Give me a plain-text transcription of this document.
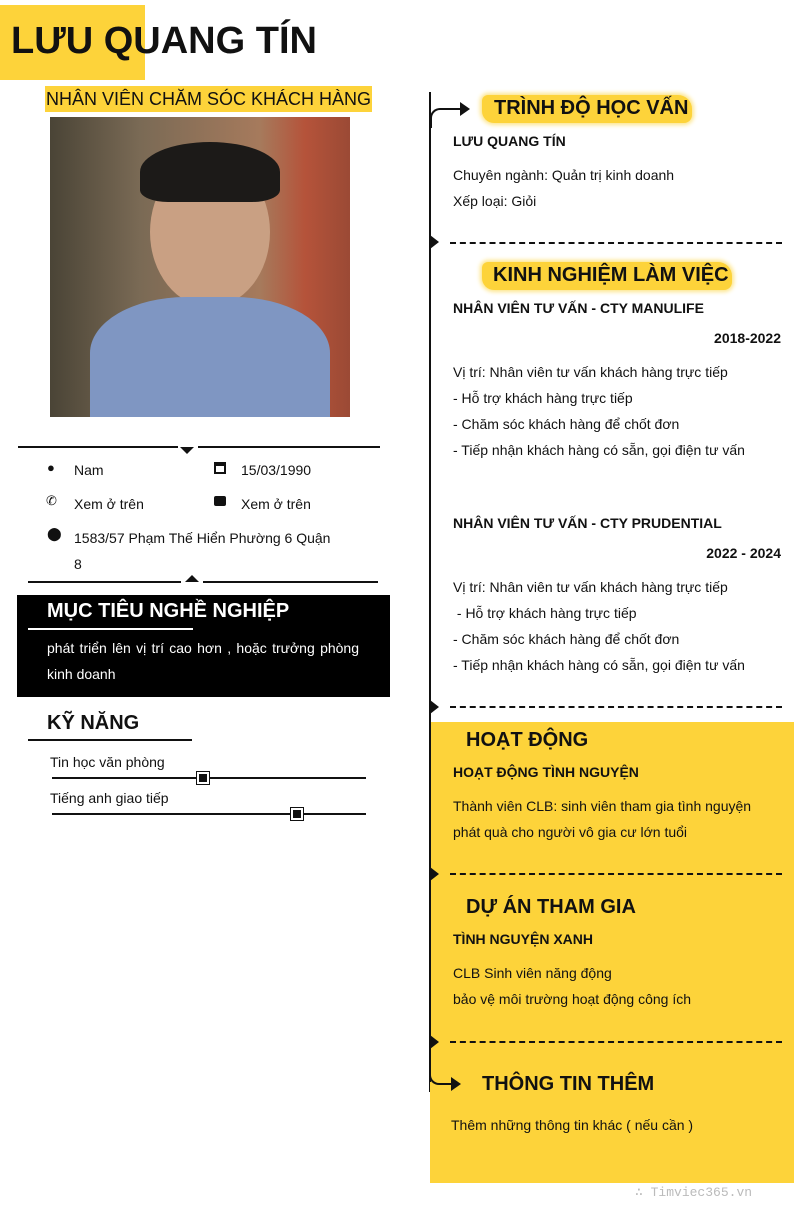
LƯU QUANG TÍN
NHÂN VIÊN CHĂM SÓC KHÁCH HÀNG
● Nam	15/03/1990
✆ Xem ở trên	Xem ở trên
⬤ 1583/57 Phạm Thế Hiển Phường 6 Quận 8
MỤC TIÊU NGHỀ NGHIỆP
phát triển lên vị trí cao hơn , hoặc trưởng phòng kinh doanh
KỸ NĂNG
Tin học văn phòng
Tiếng anh giao tiếp
TRÌNH ĐỘ HỌC VẤN
LƯU QUANG TÍN
Chuyên ngành: Quản trị kinh doanh
Xếp loại: Giỏi
KINH NGHIỆM LÀM VIỆC
NHÂN VIÊN TƯ VẤN - CTY MANULIFE
2018-2022
Vị trí: Nhân viên tư vấn khách hàng trực tiếp
- Hỗ trợ khách hàng trực tiếp
- Chăm sóc khách hàng để chốt đơn
- Tiếp nhận khách hàng có sẵn, gọi điện tư vấn
NHÂN VIÊN TƯ VẤN - CTY PRUDENTIAL
2022 - 2024
Vị trí: Nhân viên tư vấn khách hàng trực tiếp
- Hỗ trợ khách hàng trực tiếp
- Chăm sóc khách hàng để chốt đơn
- Tiếp nhận khách hàng có sẵn, gọi điện tư vấn
HOẠT ĐỘNG
HOẠT ĐỘNG TÌNH NGUYỆN
Thành viên CLB: sinh viên tham gia tình nguyện
phát quà cho người vô gia cư lớn tuổi
DỰ ÁN THAM GIA
TÌNH NGUYỆN XANH
CLB Sinh viên năng động
bảo vệ môi trường hoạt động công ích
THÔNG TIN THÊM
Thêm những thông tin khác ( nếu cần )
∴ Timviec365.vn
